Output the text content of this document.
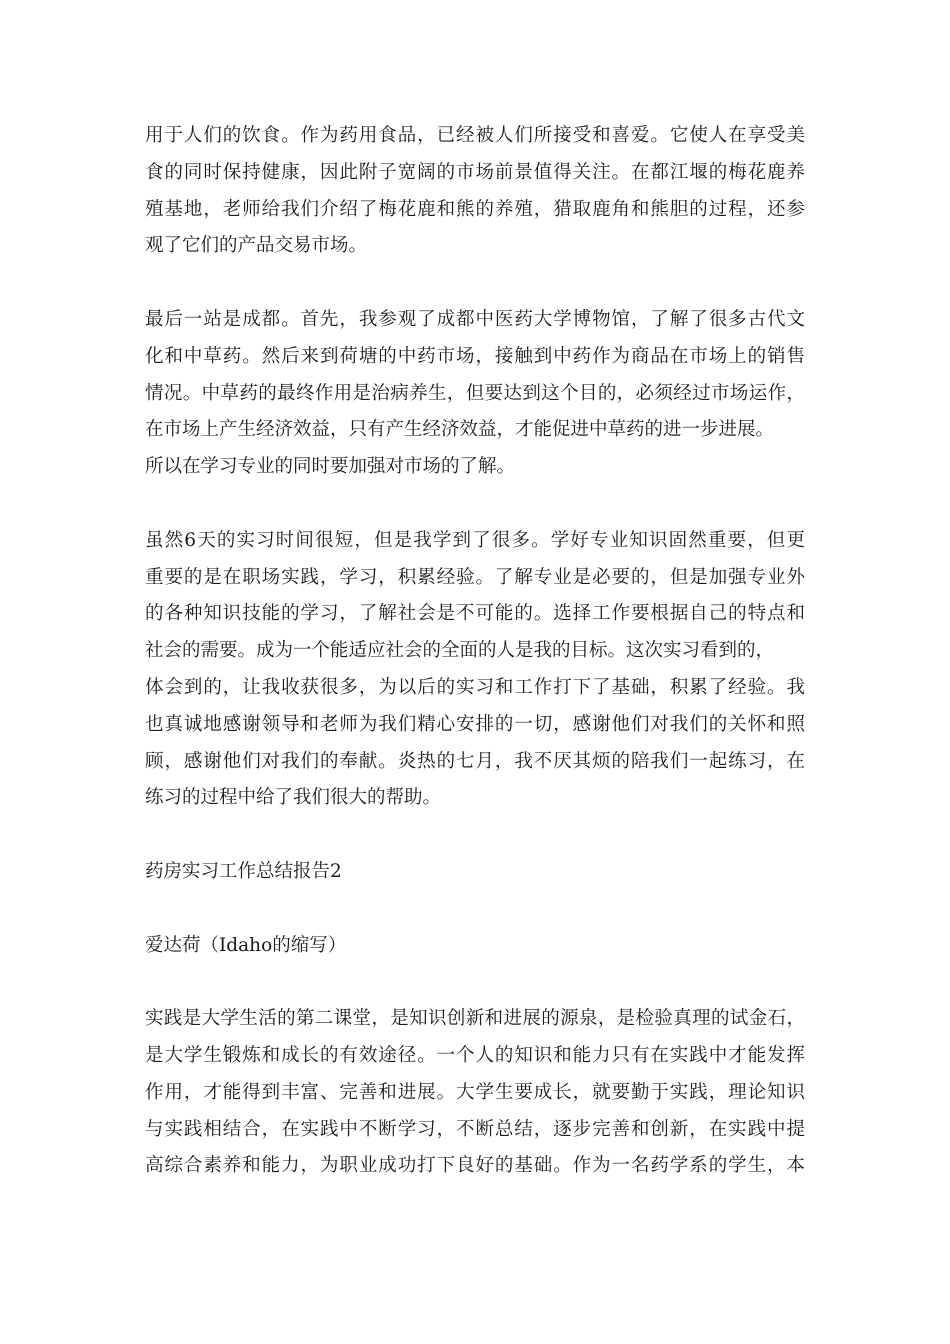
用于人们的饮食。作为药用食品，已经被人们所接受和喜爱。它使人在享受美
食的同时保持健康，因此附子宽阔的市场前景值得关注。在都江堰的梅花鹿养
殖基地，老师给我们介绍了梅花鹿和熊的养殖，猎取鹿角和熊胆的过程，还参
观了它们的产品交易市场。
最后一站是成都。首先，我参观了成都中医药大学博物馆，了解了很多古代文
化和中草药。然后来到荷塘的中药市场，接触到中药作为商品在市场上的销售
情况。中草药的最终作用是治病养生，但要达到这个目的，必须经过市场运作，
在市场上产生经济效益，只有产生经济效益，才能促进中草药的进一步进展。
所以在学习专业的同时要加强对市场的了解。
虽然6天的实习时间很短，但是我学到了很多。学好专业知识固然重要，但更
重要的是在职场实践，学习，积累经验。了解专业是必要的，但是加强专业外
的各种知识技能的学习，了解社会是不可能的。选择工作要根据自己的特点和
社会的需要。成为一个能适应社会的全面的人是我的目标。这次实习看到的，
体会到的，让我收获很多，为以后的实习和工作打下了基础，积累了经验。我
也真诚地感谢领导和老师为我们精心安排的一切，感谢他们对我们的关怀和照
顾，感谢他们对我们的奉献。炎热的七月，我不厌其烦的陪我们一起练习，在
练习的过程中给了我们很大的帮助。
药房实习工作总结报告2
爱达荷（Idaho的缩写）
实践是大学生活的第二课堂，是知识创新和进展的源泉，是检验真理的试金石，
是大学生锻炼和成长的有效途径。一个人的知识和能力只有在实践中才能发挥
作用，才能得到丰富、完善和进展。大学生要成长，就要勤于实践，理论知识
与实践相结合，在实践中不断学习，不断总结，逐步完善和创新，在实践中提
高综合素养和能力，为职业成功打下良好的基础。作为一名药学系的学生，本
